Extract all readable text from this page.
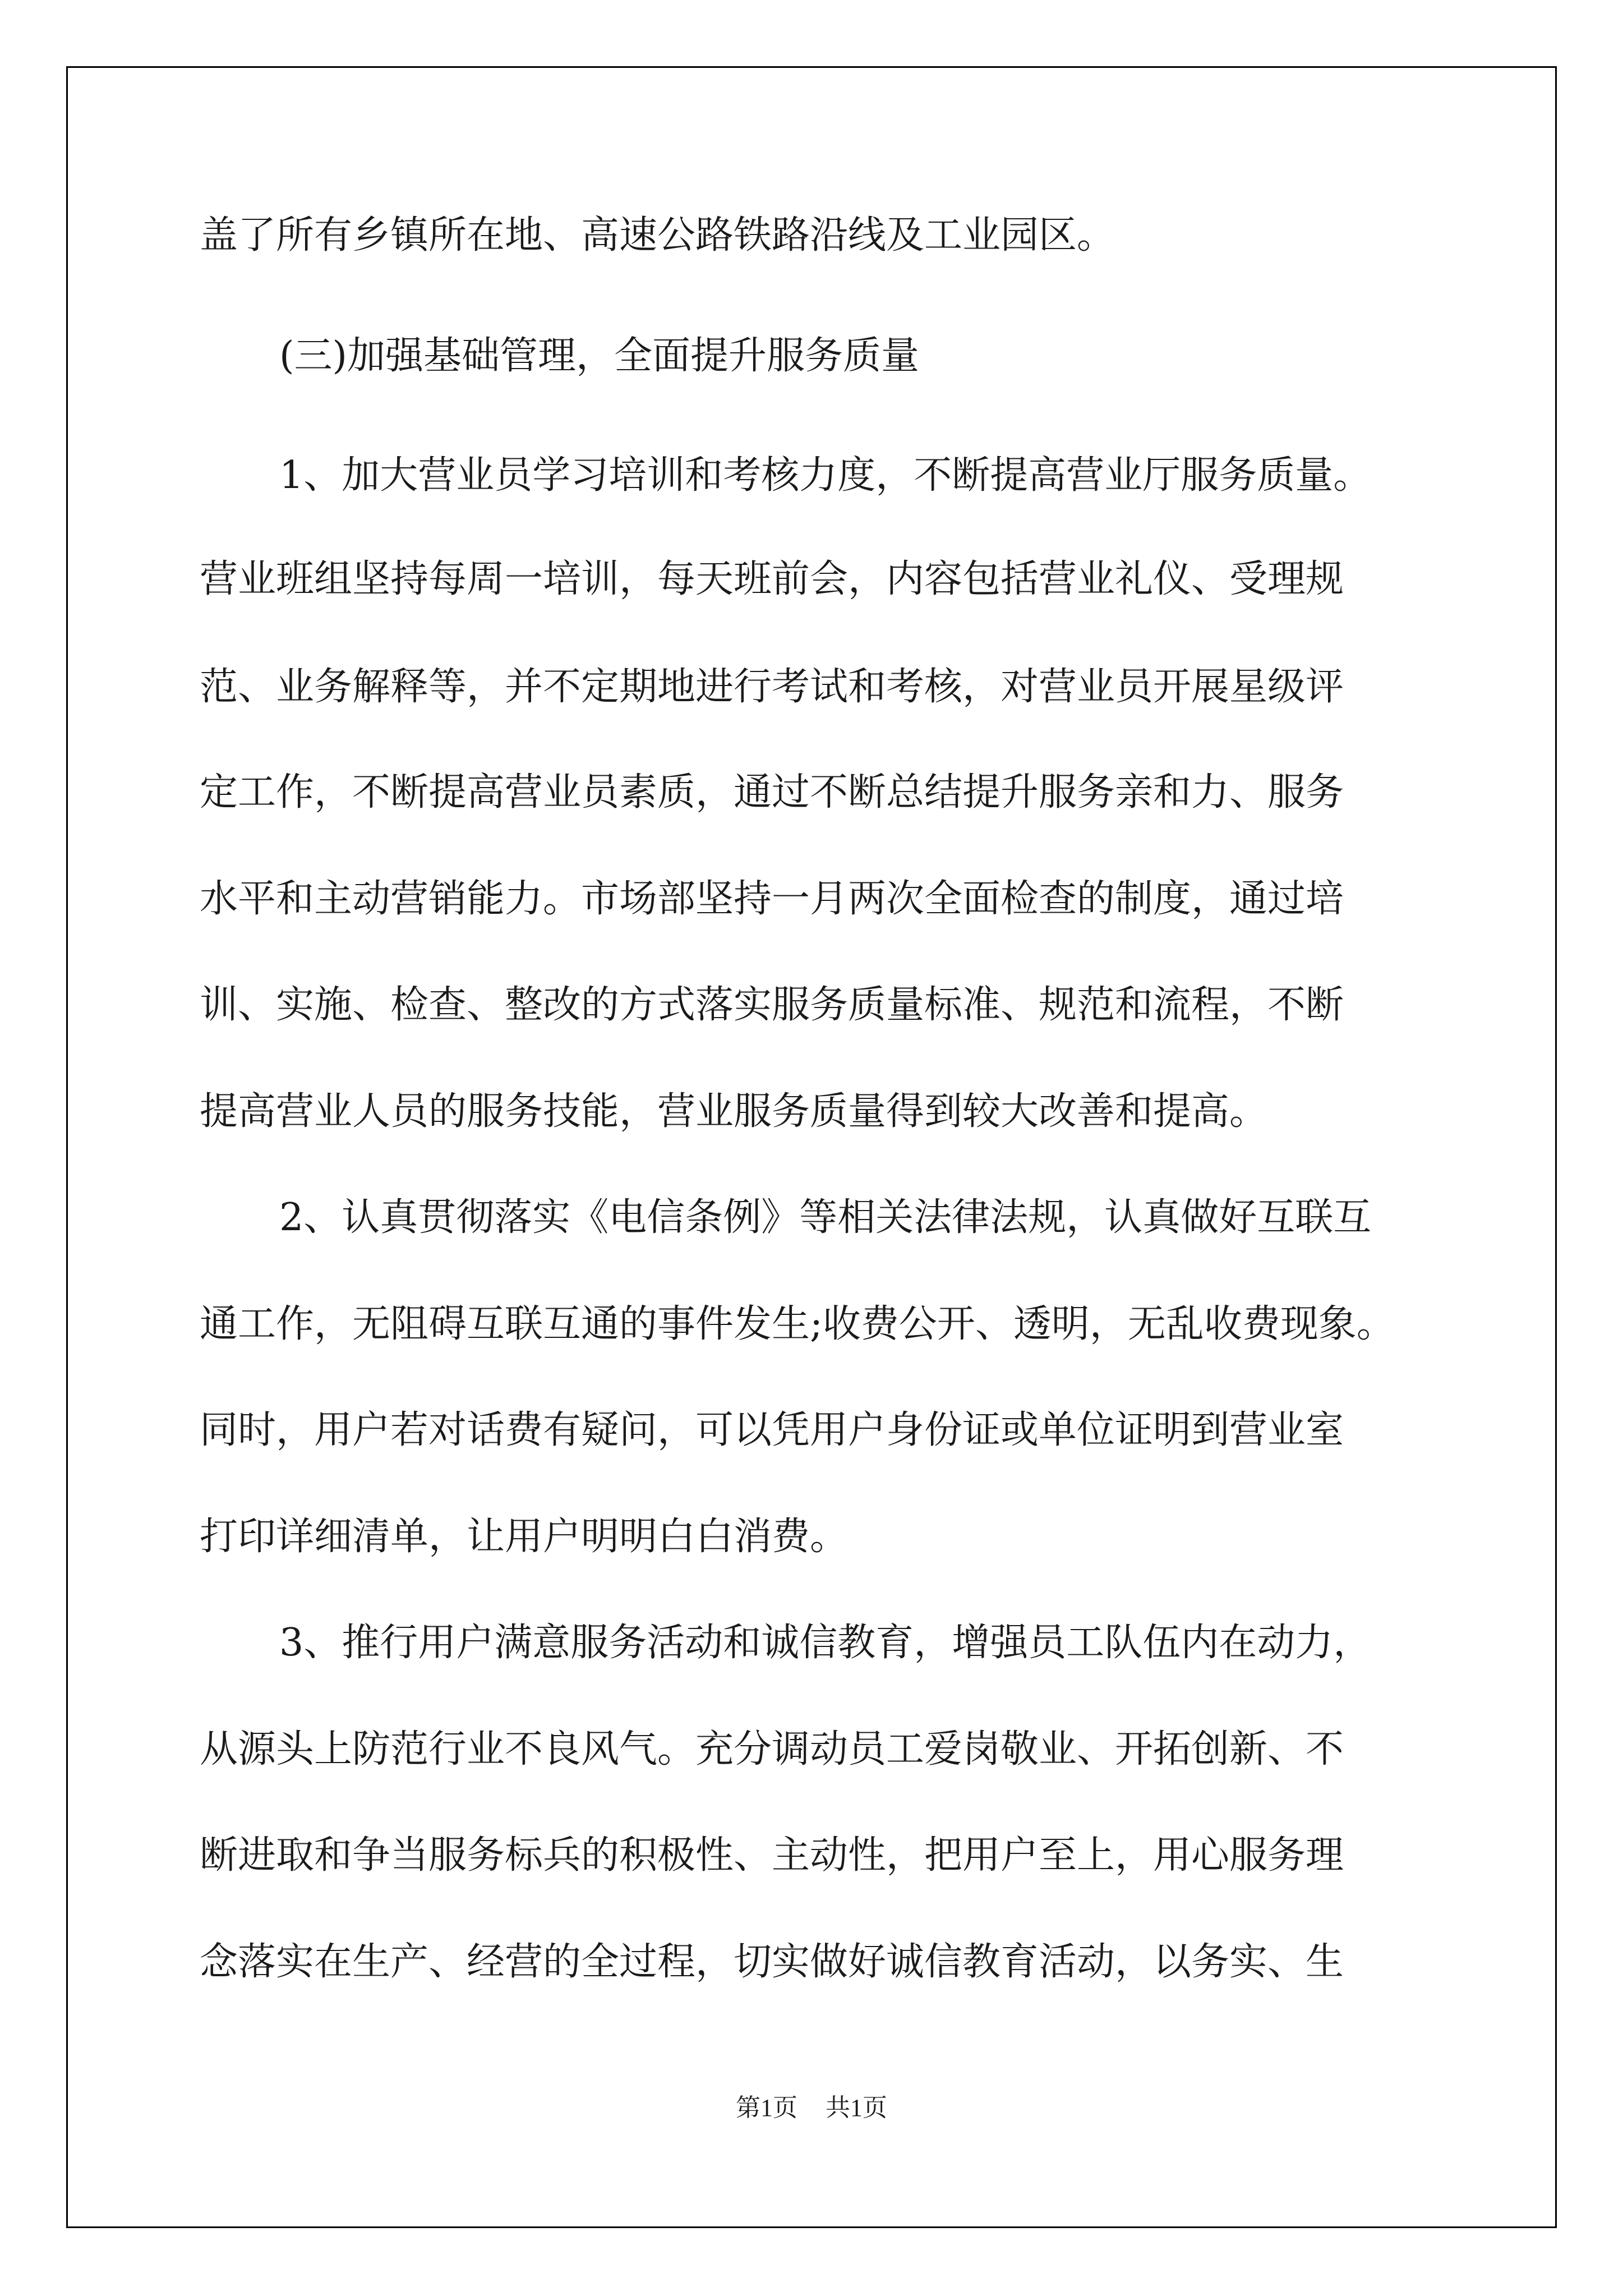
盖了所有乡镇所在地、高速公路铁路沿线及工业园区。
(三)加强基础管理，全面提升服务质量
1、加大营业员学习培训和考核力度，不断提高营业厅服务质量。
营业班组坚持每周一培训，每天班前会，内容包括营业礼仪、受理规
范、业务解释等，并不定期地进行考试和考核，对营业员开展星级评
定工作，不断提高营业员素质，通过不断总结提升服务亲和力、服务
水平和主动营销能力。市场部坚持一月两次全面检查的制度，通过培
训、实施、检查、整改的方式落实服务质量标准、规范和流程，不断
提高营业人员的服务技能，营业服务质量得到较大改善和提高。
2、认真贯彻落实《电信条例》等相关法律法规，认真做好互联互
通工作，无阻碍互联互通的事件发生;收费公开、透明，无乱收费现象。
同时，用户若对话费有疑问，可以凭用户身份证或单位证明到营业室
打印详细清单，让用户明明白白消费。
3、推行用户满意服务活动和诚信教育，增强员工队伍内在动力，
从源头上防范行业不良风气。充分调动员工爱岗敬业、开拓创新、不
断进取和争当服务标兵的积极性、主动性，把用户至上，用心服务理
念落实在生产、经营的全过程，切实做好诚信教育活动，以务实、生
第1页 共1页
